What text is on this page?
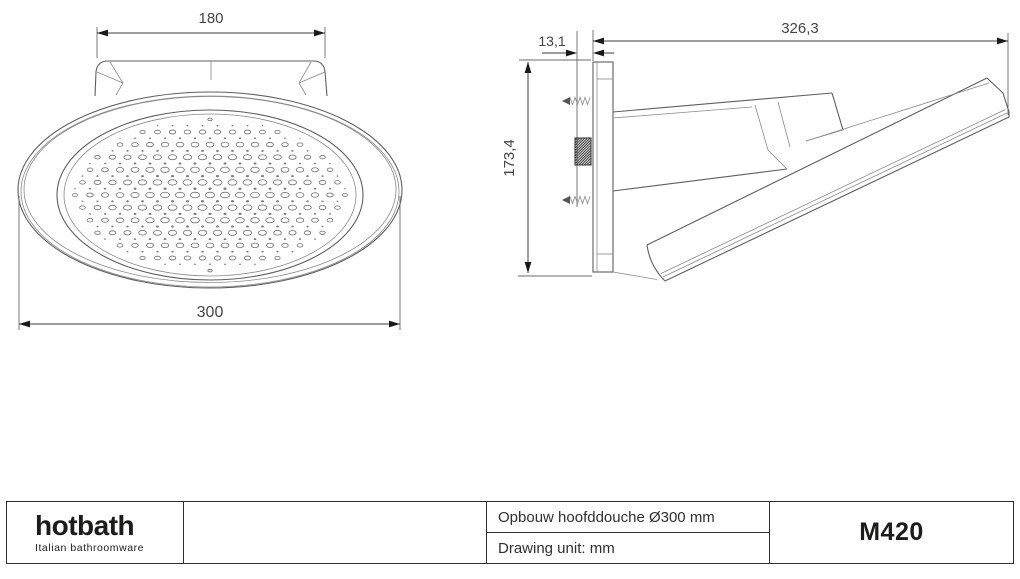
180
300
326,3
13,1
173,4
hotbath
Italian bathroomware
Opbouw hoofddouche Ø300 mm
Drawing unit: mm
M420
